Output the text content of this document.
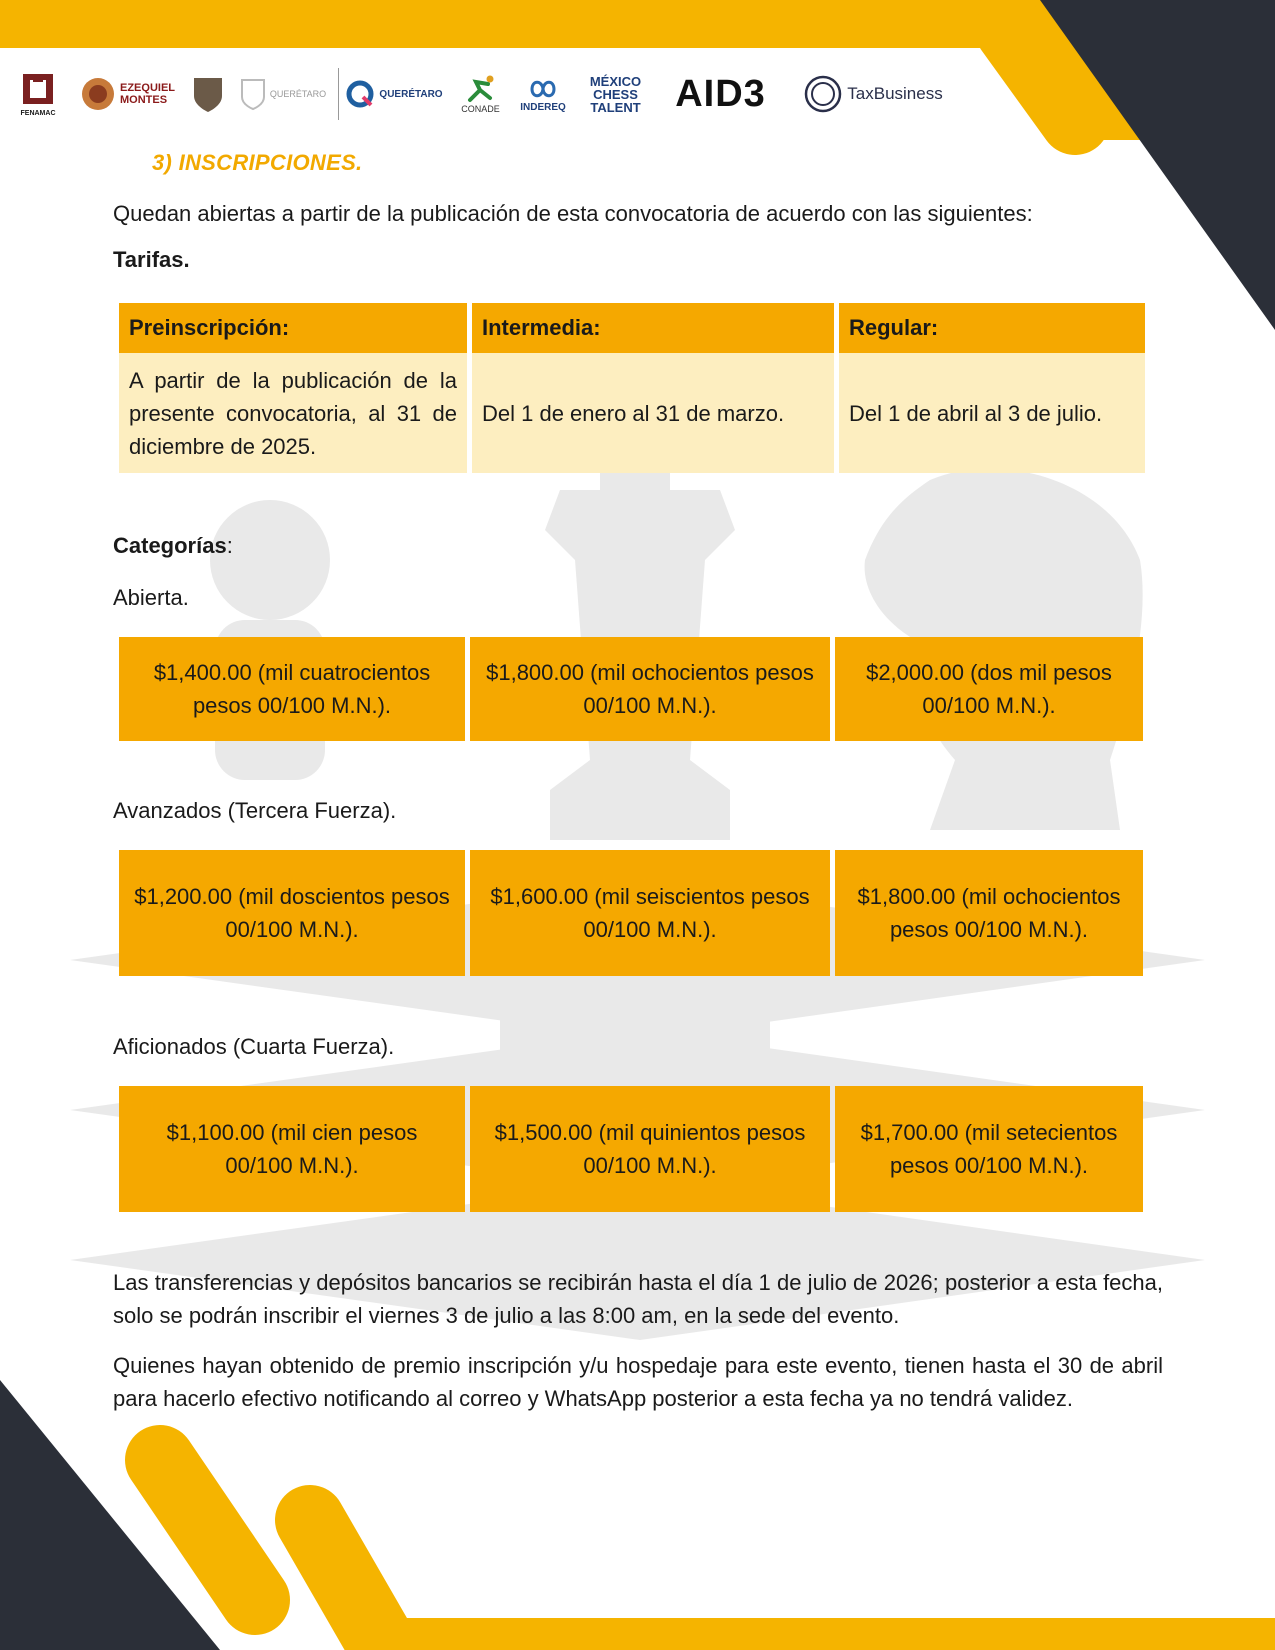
FENAMAC
EZEQUIEL MONTES	QUERÉTARO	QUERÉTARO
CONADE INDEREQ
MÉXICO CHESS TALENT AID3	TaxBusiness
3) INSCRIPCIONES.
Quedan abiertas a partir de la publicación de esta convocatoria de acuerdo con las siguientes:
Tarifas.
Preinscripción:	Intermedia:	Regular:
A partir de la publicación de la presente convocatoria, al 31 de diciembre de 2025.	Del 1 de enero al 31 de marzo.	Del 1 de abril al 3 de julio.
Categorías:
Abierta.
$1,400.00 (mil cuatrocientos pesos 00/100 M.N.).	$1,800.00 (mil ochocientos pesos 00/100 M.N.).	$2,000.00 (dos mil pesos 00/100 M.N.).
Avanzados (Tercera Fuerza).
$1,200.00 (mil doscientos pesos 00/100 M.N.).	$1,600.00 (mil seiscientos pesos 00/100 M.N.).	$1,800.00 (mil ochocientos pesos 00/100 M.N.).
Aficionados (Cuarta Fuerza).
$1,100.00 (mil cien pesos 00/100 M.N.).	$1,500.00 (mil quinientos pesos 00/100 M.N.).	$1,700.00 (mil setecientos pesos 00/100 M.N.).
Las transferencias y depósitos bancarios se recibirán hasta el día 1 de julio de 2026; posterior a esta fecha, solo se podrán inscribir el viernes 3 de julio a las 8:00 am, en la sede del evento.
Quienes hayan obtenido de premio inscripción y/u hospedaje para este evento, tienen hasta el 30 de abril para hacerlo efectivo notificando al correo y WhatsApp posterior a esta fecha ya no tendrá validez.
